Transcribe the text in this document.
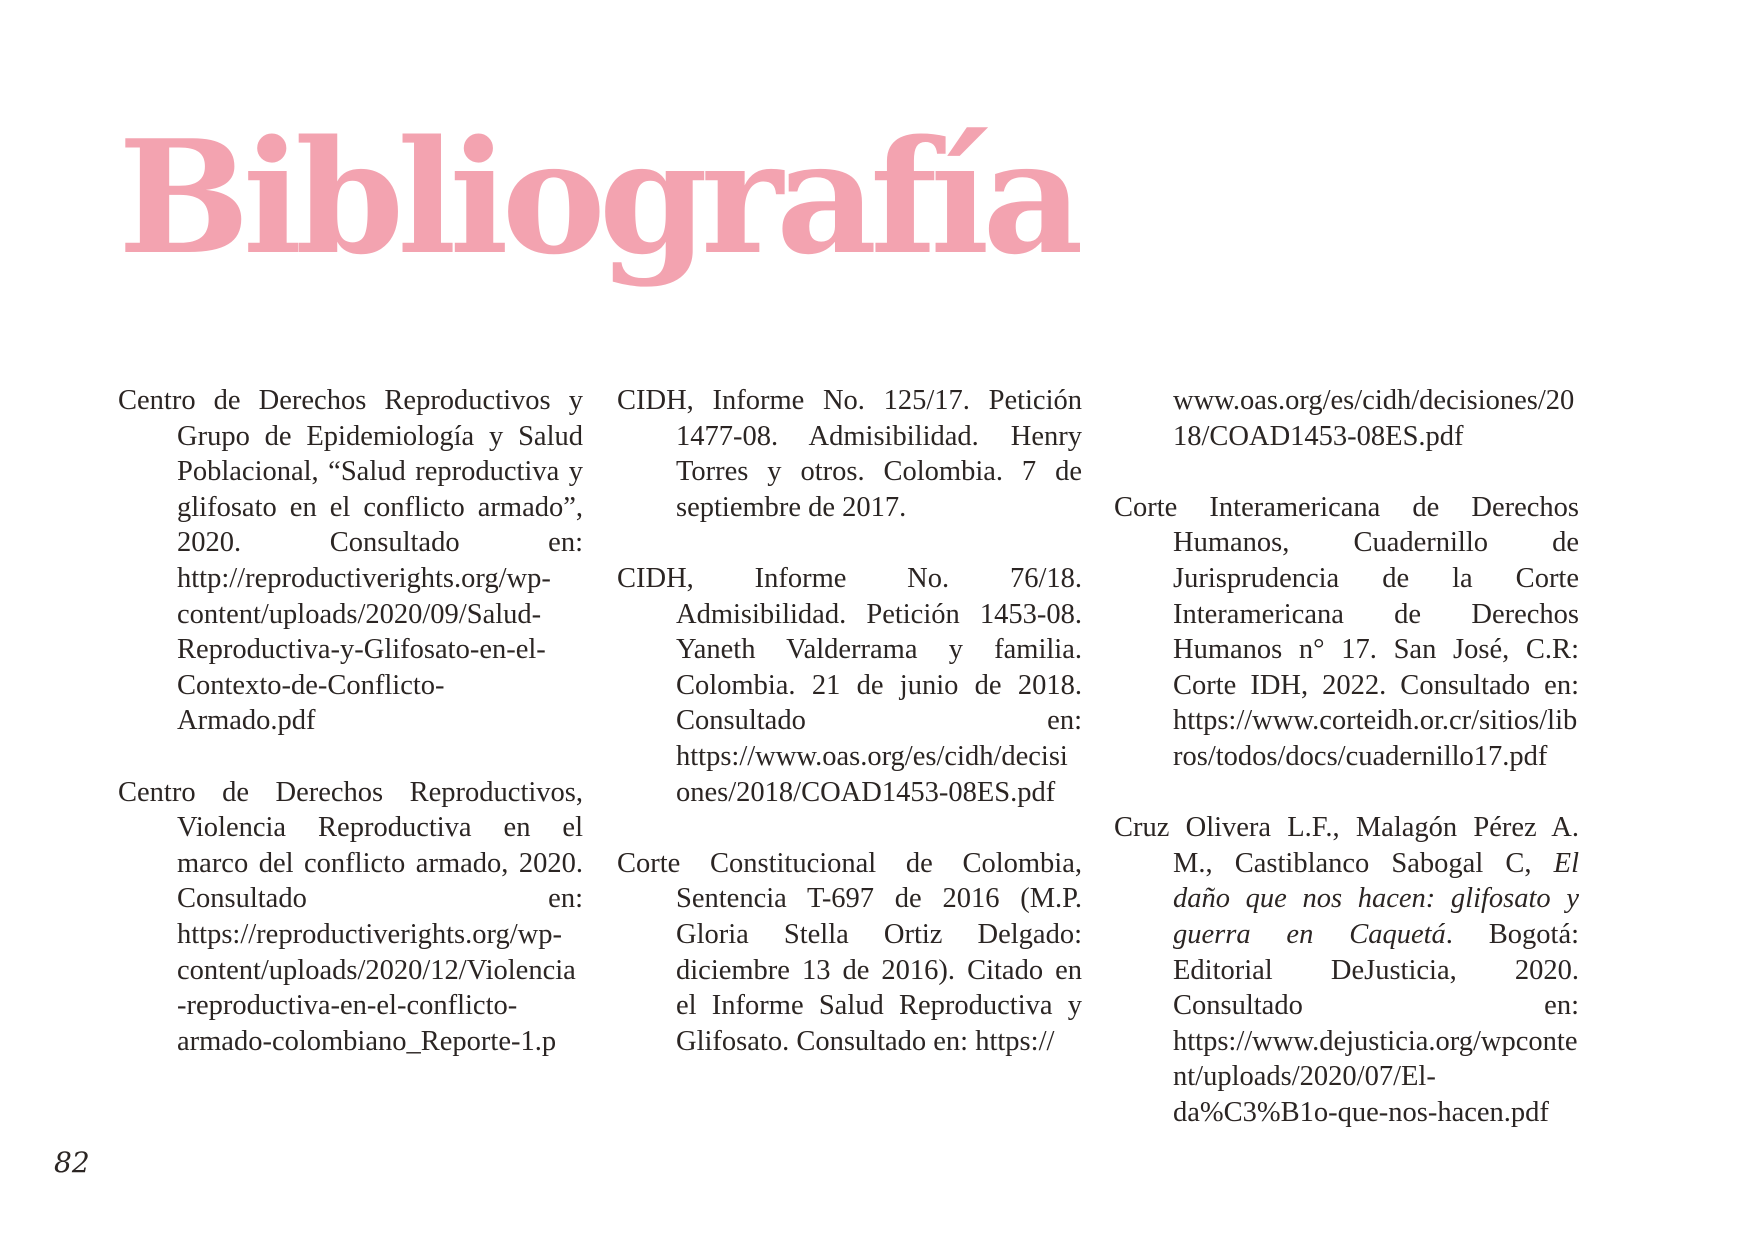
Bibliografía

Centro de Derechos Reproductivos y Grupo de Epidemiología y Salud Poblacional, “Salud reproductiva y glifosato en el conflicto armado”, 2020. Consultado en: http://reproductiverights.org/wp-content/uploads/2020/09/Salud-Reproductiva-y-Glifosato-en-el-Contexto-de-Conflicto-Armado.pdf

Centro de Derechos Reproductivos, Violencia Reproductiva en el marco del conflicto armado, 2020. Consultado en: https://reproductiverights.org/wp-content/uploads/2020/12/Violencia-reproductiva-en-el-conflicto-armado-colombiano_Reporte-1.p

CIDH, Informe No. 125/17. Petición 1477-08. Admisibilidad. Henry Torres y otros. Colombia. 7 de septiembre de 2017.

CIDH, Informe No. 76/18. Admisibilidad. Petición 1453-08. Yaneth Valderrama y familia. Colombia. 21 de junio de 2018. Consultado en: https://www.oas.org/es/cidh/decisiones/2018/COAD1453-08ES.pdf

Corte Constitucional de Colombia, Sentencia T-697 de 2016 (M.P. Gloria Stella Ortiz Delgado: diciembre 13 de 2016). Citado en el Informe Salud Reproductiva y Glifosato. Consultado en: https://

www.oas.org/es/cidh/decisiones/2018/COAD1453-08ES.pdf

Corte Interamericana de Derechos Humanos, Cuadernillo de Jurisprudencia de la Corte Interamericana de Derechos Humanos n° 17. San José, C.R: Corte IDH, 2022. Consultado en: https://www.corteidh.or.cr/sitios/libros/todos/docs/cuadernillo17.pdf

Cruz Olivera L.F., Malagón Pérez A. M., Castiblanco Sabogal C, El daño que nos hacen: glifosato y guerra en Caquetá. Bogotá: Editorial DeJusticia, 2020. Consultado en: https://www.dejusticia.org/wpcontent/uploads/2020/07/El-da%C3%B1o-que-nos-hacen.pdf

82
